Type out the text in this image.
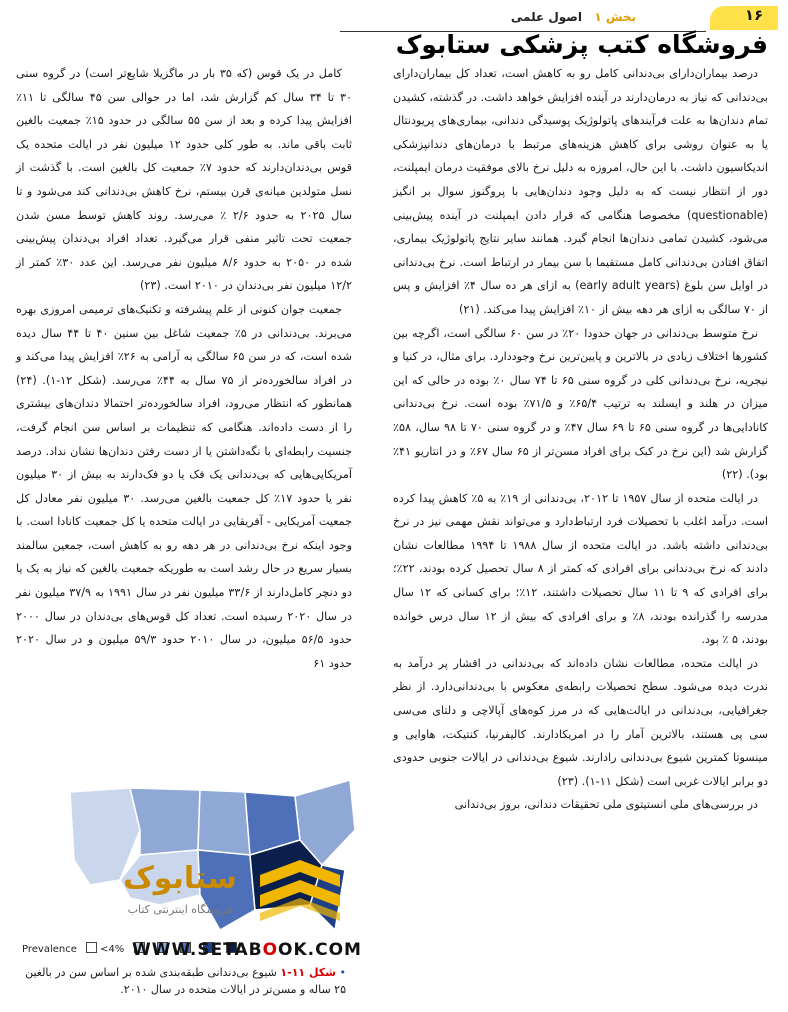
۱۶
بخش ۱
اصول علمی
فروشگاه کتب پزشکی ستابوک

درصد بیماران‌دارای بی‌دندانی کامل رو به کاهش است، تعداد کل بیماران‌دارای بی‌دندانی که نیاز به درمان‌دارند در آینده افزایش خواهد داشت. در گذشته، کشیدن تمام دندان‌ها به علت فرآیندهای پاتولوژیک پوسیدگی دندانی، بیماری‌های پریودنتال یا به عنوان روشی برای کاهش هزینه‌های مرتبط با درمان‌های دندانپزشکی اندیکاسیون داشت. با این حال، امروزه به دلیل نرخ بالای موفقیت درمان ایمپلنت، دور از انتظار نیست که به دلیل وجود دندان‌هایی با پروگنوز سوال بر انگیز (questionable) مخصوصا هنگامی که قرار دادن ایمپلنت در آینده پیش‌بینی می‌شود، کشیدن تمامی دندان‌ها انجام گیرد. همانند سایر نتایج پاتولوژیک بیماری، اتفاق افتادن بی‌دندانی کامل مستقیما با سن بیمار در ارتباط است. نرخ بی‌دندانی در اوایل سن بلوغ (early adult years) به ازای هر ده سال ۴٪ افزایش و پس از ۷۰ سالگی به ازای هر دهه بیش از ۱۰٪ افزایش پیدا می‌کند. (۲۱)

نرخ متوسط بی‌دندانی در جهان حدودا ۲۰٪ در سن ۶۰ سالگی است، اگرچه بین کشورها اختلاف زیادی در بالاترین و پایین‌ترین نرخ وجوددارد. برای مثال، در کنیا و نیجریه، نرخ بی‌دندانی کلی در گروه سنی ۶۵ تا ۷۴ سال ۰٪ بوده در حالی که این میزان در هلند و ایسلند به ترتیب ۶۵/۴٪ و ۷۱/۵٪ بوده است. نرخ بی‌دندانی کانادایی‌ها در گروه سنی ۶۵ تا ۶۹ سال ۴۷٪ و در گروه سنی ۷۰ تا ۹۸ سال، ۵۸٪ گزارش شد (این نرخ در کبک برای افراد مسن‌تر از ۶۵ سال ۶۷٪ و در انتاریو ۴۱٪ بود). (۲۲)

در ایالت متحده از سال ۱۹۵۷ تا ۲۰۱۲، بی‌دندانی از ۱۹٪ به ۵٪ کاهش پیدا کرده است. درآمد اغلب با تحصیلات فرد ارتباط‌دارد و می‌تواند نقش مهمی نیز در نرخ بی‌دندانی داشته باشد. در ایالت متحده از سال ۱۹۸۸ تا ۱۹۹۴ مطالعات نشان دادند که نرخ بی‌دندانی برای افرادی که کمتر از ۸ سال تحصیل کرده بودند، ۲۲٪؛ برای افرادی که ۹ تا ۱۱ سال تحصیلات داشتند، ۱۲٪؛ برای کسانی که ۱۲ سال مدرسه را گذرانده بودند، ۸٪ و برای افرادی که بیش از ۱۲ سال درس خوانده بودند، ۵ ٪ بود.

در ایالت متحده، مطالعات نشان داده‌اند که بی‌دندانی در اقشار پر درآمد به ندرت دیده می‌شود. سطح تحصیلات رابطه‌ی معکوس با بی‌دندانی‌دارد. از نظر جغرافیایی، بی‌دندانی در ایالت‌هایی که در مرز کوه‌های آپالاچی و دلتای می‌سی سی پی هستند، بالاترین آمار را در امریکادارند. کالیفرنیا، کنتیکت، هاوایی و مینسوتا کمترین شیوع بی‌دندانی رادارند. شیوع بی‌دندانی در ایالات جنوبی حدودی دو برابر ایالات غربی است (شکل ۱۱-۱). (۲۳)

در بررسی‌های ملی انستیتوی ملی تحقیقات دندانی، بروز بی‌دندانی

کامل در یک قوس (که ۳۵ بار در ماگزیلا شایع‌تر است) در گروه سنی ۳۰ تا ۳۴ سال کم گزارش شد، اما در حوالی سن ۴۵ سالگی تا ۱۱٪ افزایش پیدا کرده و بعد از سن ۵۵ سالگی در حدود ۱۵٪ جمعیت بالغین ثابت باقی ماند. به طور کلی حدود ۱۲ میلیون نفر در ایالت متحده یک قوس بی‌دندان‌دارند که حدود ۷٪ جمعیت کل بالغین است. با گذشت از نسل متولدین میانه‌ی قرن بیستم، نرخ کاهش بی‌دندانی کند می‌شود و تا سال ۲۰۲۵ به حدود ۲/۶ ٪ می‌رسد. روند کاهش توسط مسن شدن جمعیت تحت تاثیر منفی قرار می‌گیرد. تعداد افراد بی‌دندان پیش‌بینی شده در ۲۰۵۰ به حدود ۸/۶ میلیون نفر می‌رسد. این عدد ۳۰٪ کمتر از ۱۲/۲ میلیون نفر بی‌دندان در ۲۰۱۰ است. (۲۳)

جمعیت جوان کنونی از علم پیشرفته و تکنیک‌های ترمیمی امروزی بهره می‌برند. بی‌دندانی در ۵٪ جمعیت شاغل بین سنین ۴۰ تا ۴۴ سال دیده شده است، که در سن ۶۵ سالگی به آرامی به ۲۶٪ افزایش پیدا می‌کند و در افراد سالخورده‌تر از ۷۵ سال به ۴۴٪ می‌رسد. (شکل ۱۲-۱). (۲۴) همانطور که انتظار می‌رود، افراد سالخورده‌تر احتمالا دندان‌های بیشتری را از دست داده‌اند. هنگامی که تنظیمات بر اساس سن انجام گرفت، جنسیت رابطه‌ای با نگه‌داشتن یا از دست رفتن دندان‌ها نشان نداد. درصد آمریکایی‌هایی که بی‌دندانی یک فک یا دو فک‌دارند به بیش از ۳۰ میلیون نفر یا حدود ۱۷٪ کل جمعیت بالغین می‌رسد. ۳۰ میلیون نفر معادل کل جمعیت آمریکایی - آفریقایی در ایالت متحده یا کل جمعیت کانادا است. با وجود اینکه نرخ بی‌دندانی در هر دهه رو به کاهش است، جمعین سالمند بسیار سریع در حال رشد است به طوریکه جمعیت بالغین که نیاز به یک یا دو دنچر کامل‌دارند از ۳۳/۶ میلیون نفر در سال ۱۹۹۱ به ۳۷/۹ میلیون نفر در سال ۲۰۲۰ رسیده است. تعداد کل قوس‌های بی‌دندان در سال ۲۰۰۰ حدود ۵۶/۵ میلیون، در سال ۲۰۱۰ حدود ۵۹/۳ میلیون و در سال ۲۰۲۰ حدود ۶۱

ستابوک
فروشگاه اینترنتی کتاب
Prevalence <4% WWW.SETABOOK.COM
• شکل ۱۱-۱ شیوع بی‌دندانی طبقه‌بندی شده بر اساس سن در بالغین ۲۵ ساله و مسن‌تر در ایالات متحده در سال ۲۰۱۰.
